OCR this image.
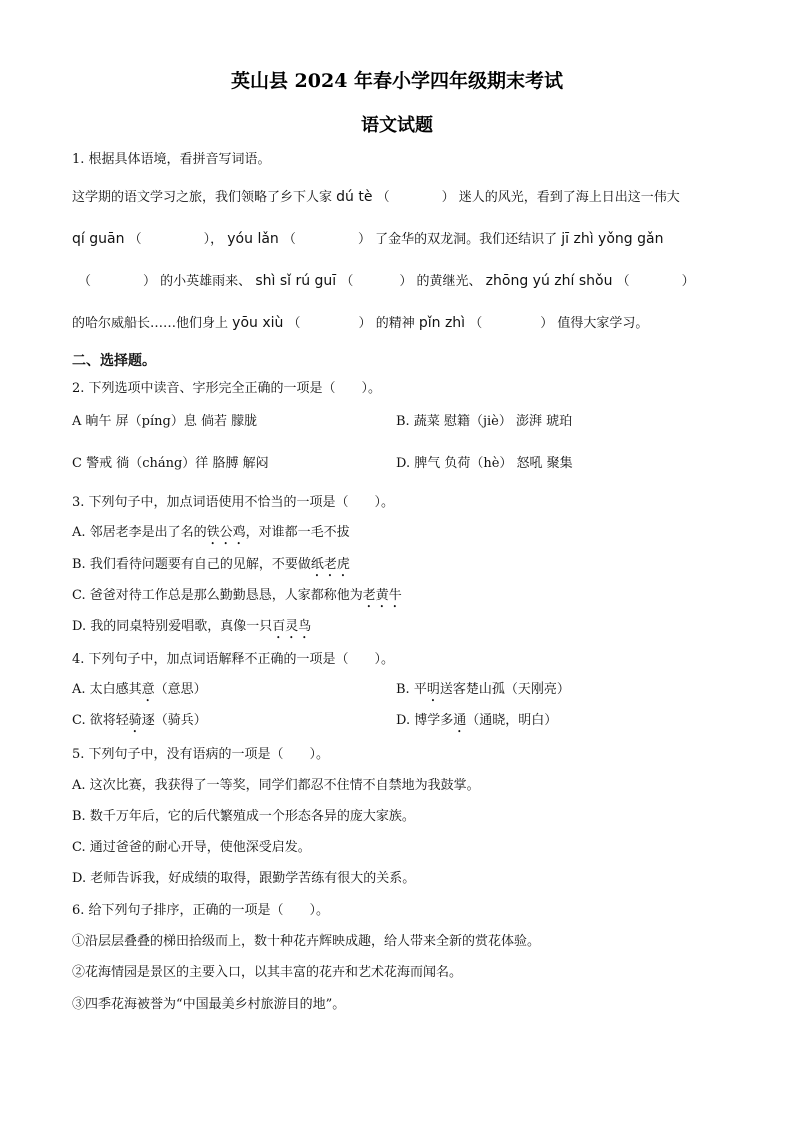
英山县 2024 年春小学四年级期末考试
语文试题
1. 根据具体语境，看拼音写词语。
这学期的语文学习之旅，我们领略了乡下人家 dú tè （	） 迷人的风光，看到了海上日出这一伟大
qí guān （	）， yóu lǎn （	） 了金华的双龙洞。我们还结识了 jī zhì yǒng gǎn
（	） 的小英雄雨来、 shì sǐ rú guī （	） 的黄继光、 zhōng yú zhí shǒu （	）
的哈尔威船长……他们身上 yōu xiù （	） 的精神 pǐn zhì （	） 值得大家学习。
二、选择题。
2. 下列选项中读音、字形完全正确的一项是（　　）。
A 晌午 屏（píng）息 倘若 朦胧	B. 蔬菜 慰籍（jiè） 澎湃 琥珀
C 警戒 徜（cháng）徉 胳膊 解闷	D. 脾气 负荷（hè） 怒吼 聚集
3. 下列句子中，加点词语使用不恰当的一项是（　　）。
A. 邻居老李是出了名的铁公鸡，对谁都一毛不拔
B. 我们看待问题要有自己的见解，不要做纸老虎
C. 爸爸对待工作总是那么勤勤恳恳，人家都称他为老黄牛
D. 我的同桌特别爱唱歌，真像一只百灵鸟
4. 下列句子中，加点词语解释不正确的一项是（　　）。
A. 太白感其意（意思）	B. 平明送客楚山孤（天刚亮）
C. 欲将轻骑逐（骑兵）	D. 博学多通（通晓，明白）
5. 下列句子中，没有语病的一项是（　　）。
A. 这次比赛，我获得了一等奖，同学们都忍不住情不自禁地为我鼓掌。
B. 数千万年后，它的后代繁殖成一个形态各异的庞大家族。
C. 通过爸爸的耐心开导，使他深受启发。
D. 老师告诉我，好成绩的取得，跟勤学苦练有很大的关系。
6. 给下列句子排序，正确的一项是（　　）。
①沿层层叠叠的梯田拾级而上，数十种花卉辉映成趣，给人带来全新的赏花体验。
②花海情园是景区的主要入口，以其丰富的花卉和艺术花海而闻名。
③四季花海被誉为“中国最美乡村旅游目的地”。
